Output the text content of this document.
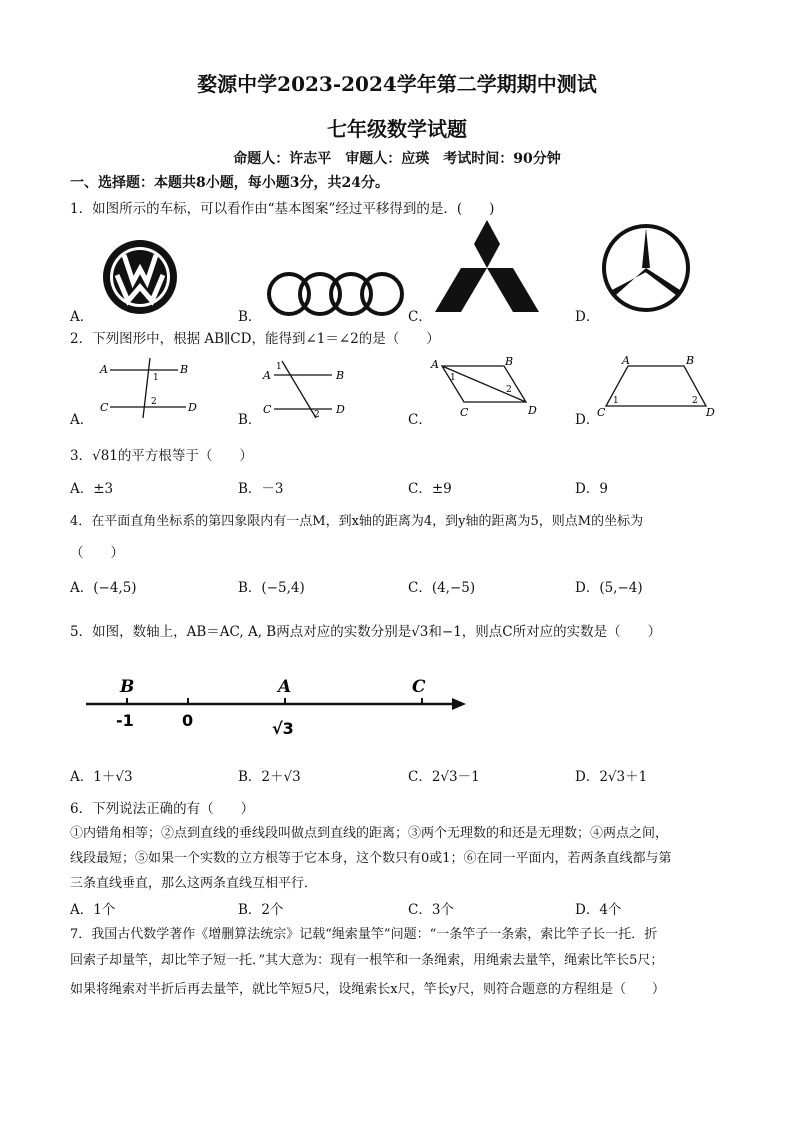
婺源中学2023-2024学年第二学期期中测试
七年级数学试题
命题人：许志平　审题人：应瑛　考试时间：90分钟
一、选择题：本题共8小题，每小题3分，共24分。
1．如图所示的车标，可以看作由“基本图案”经过平移得到的是．(　　)
A．	B．	C．	D．
2．下列图形中，根据 AB∥CD，能得到∠1＝∠2的是（　　）
A．	B．	C．	D．
A	B
C	D
1
2
A	B
C	D
1
2
A	B
C	D
1
2
A	B
C	D
1	2
3．√81的平方根等于（　　）
A．±3	B．－3	C．±9	D．9
4．在平面直角坐标系的第四象限内有一点M，到x轴的距离为4，到y轴的距离为5，则点M的坐标为
（　　）
A．(−4,5)	B．(−5,4)	C．(4,−5)	D．(5,−4)
5．如图，数轴上，AB＝AC, A, B两点对应的实数分别是√3和−1，则点C所对应的实数是（　　）
B	A	C
-1	0	√3
A．1＋√3	B．2＋√3	C．2√3－1	D．2√3＋1
6．下列说法正确的有（　　）
①内错角相等；②点到直线的垂线段叫做点到直线的距离；③两个无理数的和还是无理数；④两点之间，
线段最短；⑤如果一个实数的立方根等于它本身，这个数只有0或1；⑥在同一平面内，若两条直线都与第
三条直线垂直，那么这两条直线互相平行．
A．1个	B．2个	C．3个	D．4个
7．我国古代数学著作《增删算法统宗》记载“绳索量竿”问题：“一条竿子一条索，索比竿子长一托．折
回索子却量竿，却比竿子短一托．”其大意为：现有一根竿和一条绳索，用绳索去量竿，绳索比竿长5尺；
如果将绳索对半折后再去量竿，就比竿短5尺，设绳索长x尺，竿长y尺，则符合题意的方程组是（　　）
